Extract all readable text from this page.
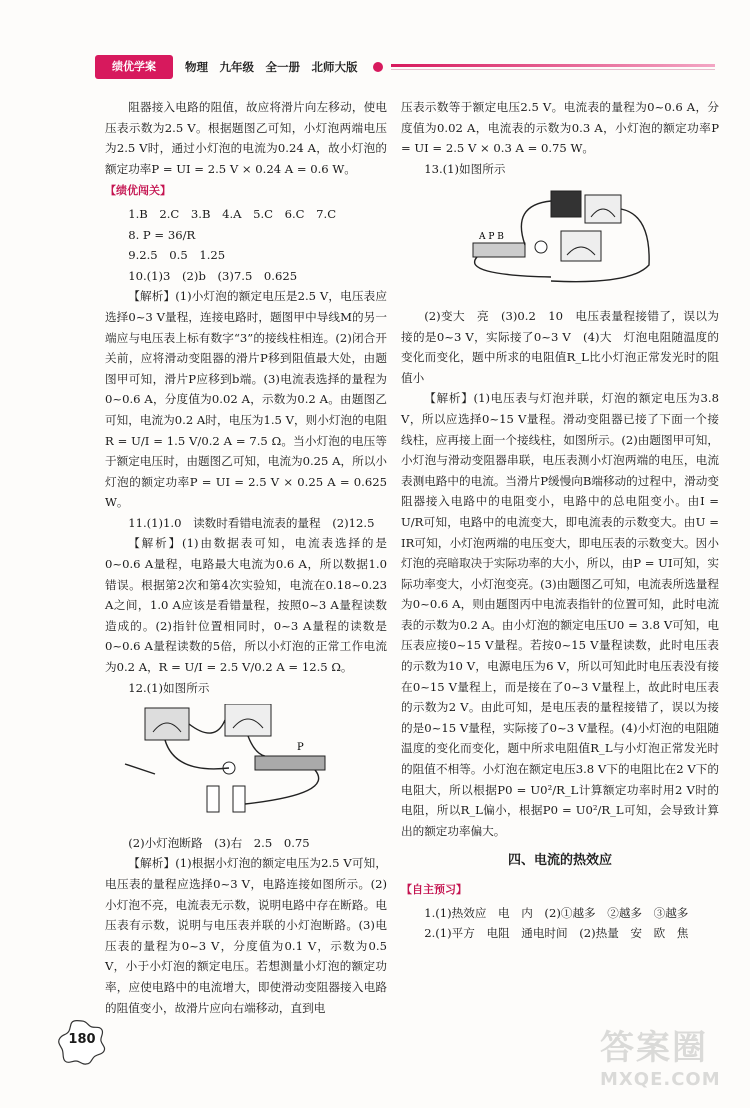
绩优学案	物理　九年级　全一册　北师大版

阻器接入电路的阻值，故应将滑片向左移动，使电压表示数为2.5 V。根据题图乙可知，小灯泡两端电压为2.5 V时，通过小灯泡的电流为0.24 A，故小灯泡的额定功率P = UI = 2.5 V × 0.24 A = 0.6 W。

【绩优闯关】

1.B　2.C　3.B　4.A　5.C　6.C　7.C

8. P = 36/R

9.2.5　0.5　1.25

10.(1)3　(2)b　(3)7.5　0.625

【解析】(1)小灯泡的额定电压是2.5 V，电压表应选择0~3 V量程，连接电路时，题图甲中导线M的另一端应与电压表上标有数字“3”的接线柱相连。(2)闭合开关前，应将滑动变阻器的滑片P移到阻值最大处，由题图甲可知，滑片P应移到b端。(3)电流表选择的量程为0~0.6 A，分度值为0.02 A，示数为0.2 A。由题图乙可知，电流为0.2 A时，电压为1.5 V，则小灯泡的电阻R = U/I = 1.5 V/0.2 A = 7.5 Ω。当小灯泡的电压等于额定电压时，由题图乙可知，电流为0.25 A，所以小灯泡的额定功率P = UI = 2.5 V × 0.25 A = 0.625 W。

11.(1)1.0　读数时看错电流表的量程　(2)12.5

【解析】(1)由数据表可知，电流表选择的是0~0.6 A量程，电路最大电流为0.6 A，所以数据1.0错误。根据第2次和第4次实验知，电流在0.18~0.23 A之间，1.0 A应该是看错量程，按照0~3 A量程读数造成的。(2)指针位置相同时，0~3 A量程的读数是0~0.6 A量程读数的5倍，所以小灯泡的正常工作电流为0.2 A，R = U/I = 2.5 V/0.2 A = 12.5 Ω。

12.(1)如图所示

P

(2)小灯泡断路　(3)右　2.5　0.75

【解析】(1)根据小灯泡的额定电压为2.5 V可知，电压表的量程应选择0~3 V，电路连接如图所示。(2)小灯泡不亮，电流表无示数，说明电路中存在断路。电压表有示数，说明与电压表并联的小灯泡断路。(3)电压表的量程为0~3 V，分度值为0.1 V，示数为0.5 V，小于小灯泡的额定电压。若想测量小灯泡的额定功率，应使电路中的电流增大，即使滑动变阻器接入电路的阻值变小，故滑片应向右端移动，直到电

压表示数等于额定电压2.5 V。电流表的量程为0~0.6 A，分度值为0.02 A，电流表的示数为0.3 A，小灯泡的额定功率P = UI = 2.5 V × 0.3 A = 0.75 W。

13.(1)如图所示

A P B

(2)变大　亮　(3)0.2　10　电压表量程接错了，误以为接的是0~3 V，实际接了0~3 V　(4)大　灯泡电阻随温度的变化而变化，题中所求的电阻值R_L比小灯泡正常发光时的阻值小

【解析】(1)电压表与灯泡并联，灯泡的额定电压为3.8 V，所以应选择0~15 V量程。滑动变阻器已接了下面一个接线柱，应再接上面一个接线柱，如图所示。(2)由题图甲可知，小灯泡与滑动变阻器串联，电压表测小灯泡两端的电压，电流表测电路中的电流。当滑片P缓慢向B端移动的过程中，滑动变阻器接入电路中的电阻变小，电路中的总电阻变小。由I = U/R可知，电路中的电流变大，即电流表的示数变大。由U = IR可知，小灯泡两端的电压变大，即电压表的示数变大。因小灯泡的亮暗取决于实际功率的大小，所以，由P = UI可知，实际功率变大，小灯泡变亮。(3)由题图乙可知，电流表所选量程为0~0.6 A，则由题图丙中电流表指针的位置可知，此时电流表的示数为0.2 A。由小灯泡的额定电压U0 = 3.8 V可知，电压表应接0~15 V量程。若按0~15 V量程读数，此时电压表的示数为10 V，电源电压为6 V，所以可知此时电压表没有接在0~15 V量程上，而是接在了0~3 V量程上，故此时电压表的示数为2 V。由此可知，是电压表的量程接错了，误以为接的是0~15 V量程，实际接了0~3 V量程。(4)小灯泡的电阻随温度的变化而变化，题中所求电阻值R_L与小灯泡正常发光时的阻值不相等。小灯泡在额定电压3.8 V下的电阻比在2 V下的电阻大，所以根据P0 = U0²/R_L计算额定功率时用2 V时的电阻，所以R_L偏小，根据P0 = U0²/R_L可知，会导致计算出的额定功率偏大。

四、电流的热效应
【自主预习】

1.(1)热效应　电　内　(2)①越多　②越多　③越多

2.(1)平方　电阻　通电时间　(2)热量　安　欧　焦

180	答案圈
MXQE.COM
